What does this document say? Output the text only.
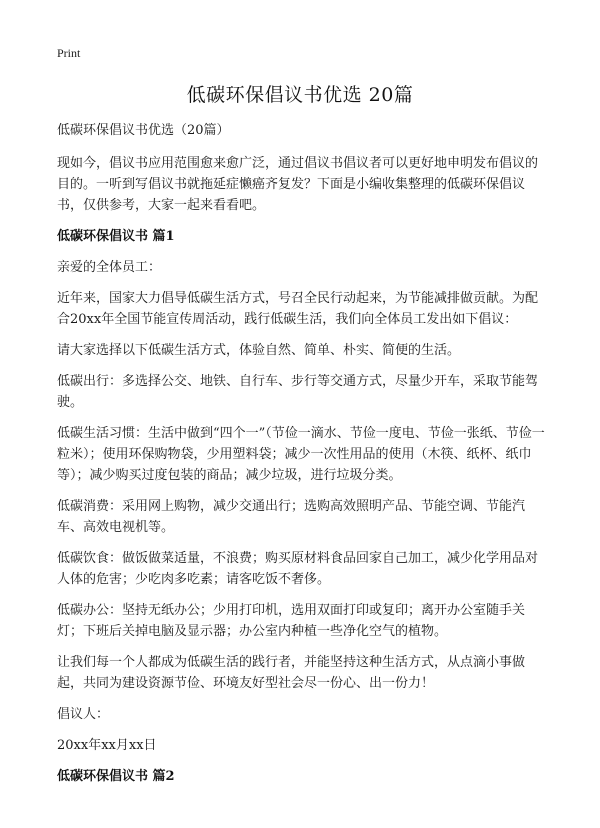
Print
低碳环保倡议书优选 20篇

低碳环保倡议书优选（20篇）

现如今，倡议书应用范围愈来愈广泛，通过倡议书倡议者可以更好地申明发布倡议的目的。一听到写倡议书就拖延症懒癌齐复发？下面是小编收集整理的低碳环保倡议书，仅供参考，大家一起来看看吧。

低碳环保倡议书 篇1

亲爱的全体员工：

近年来，国家大力倡导低碳生活方式，号召全民行动起来，为节能减排做贡献。为配合20xx年全国节能宣传周活动，践行低碳生活，我们向全体员工发出如下倡议：

请大家选择以下低碳生活方式，体验自然、简单、朴实、简便的生活。

低碳出行：多选择公交、地铁、自行车、步行等交通方式，尽量少开车，采取节能驾驶。

低碳生活习惯：生活中做到“四个一”（节俭一滴水、节俭一度电、节俭一张纸、节俭一粒米）；使用环保购物袋，少用塑料袋；减少一次性用品的使用（木筷、纸杯、纸巾等）；减少购买过度包装的商品；减少垃圾，进行垃圾分类。

低碳消费：采用网上购物，减少交通出行；选购高效照明产品、节能空调、节能汽车、高效电视机等。

低碳饮食：做饭做菜适量，不浪费；购买原材料食品回家自己加工，减少化学用品对人体的危害；少吃肉多吃素；请客吃饭不奢侈。

低碳办公：坚持无纸办公；少用打印机，选用双面打印或复印；离开办公室随手关灯；下班后关掉电脑及显示器；办公室内种植一些净化空气的植物。

让我们每一个人都成为低碳生活的践行者，并能坚持这种生活方式，从点滴小事做起，共同为建设资源节俭、环境友好型社会尽一份心、出一份力！

倡议人：

20xx年xx月xx日

低碳环保倡议书 篇2
